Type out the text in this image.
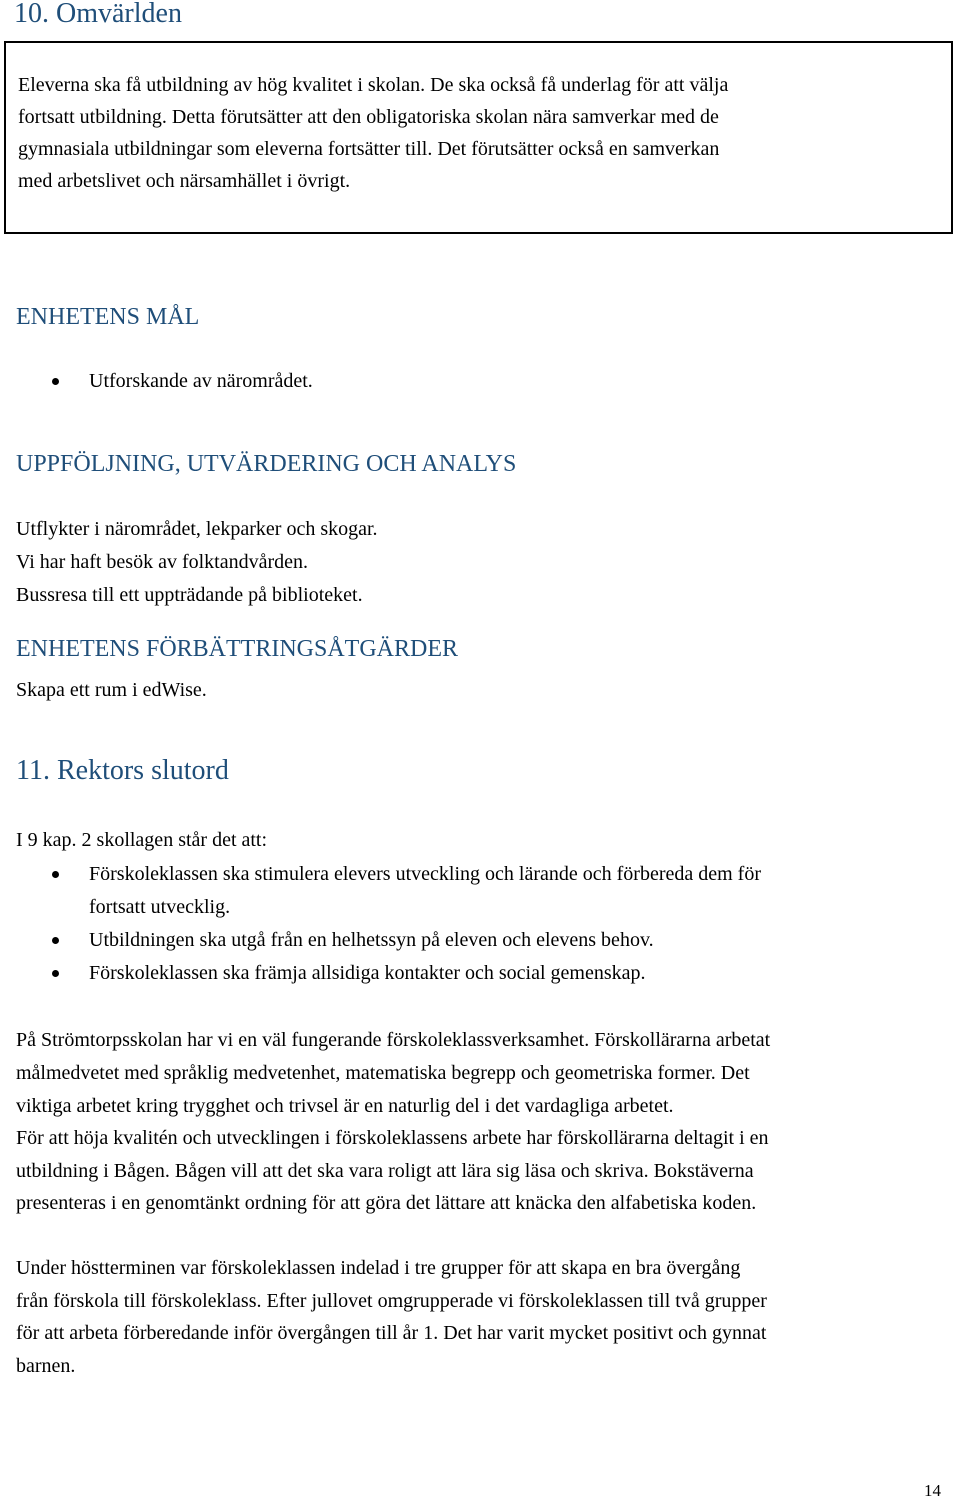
10. Omvärlden
Eleverna ska få utbildning av hög kvalitet i skolan. De ska också få underlag för att välja
fortsatt utbildning. Detta förutsätter att den obligatoriska skolan nära samverkar med de
gymnasiala utbildningar som eleverna fortsätter till. Det förutsätter också en samverkan
med arbetslivet och närsamhället i övrigt.
ENHETENS MÅL
Utforskande av närområdet.
UPPFÖLJNING, UTVÄRDERING OCH ANALYS
Utflykter i närområdet, lekparker och skogar.
Vi har haft besök av folktandvården.
Bussresa till ett uppträdande på biblioteket.
ENHETENS FÖRBÄTTRINGSÅTGÄRDER
Skapa ett rum i edWise.
11. Rektors slutord
I 9 kap. 2 skollagen står det att:
Förskoleklassen ska stimulera elevers utveckling och lärande och förbereda dem för
fortsatt utvecklig.
Utbildningen ska utgå från en helhetssyn på eleven och elevens behov.
Förskoleklassen ska främja allsidiga kontakter och social gemenskap.
På Strömtorpsskolan har vi en väl fungerande förskoleklassverksamhet. Förskollärarna arbetat
målmedvetet med språklig medvetenhet, matematiska begrepp och geometriska former. Det
viktiga arbetet kring trygghet och trivsel är en naturlig del i det vardagliga arbetet.
För att höja kvalitén och utvecklingen i förskoleklassens arbete har förskollärarna deltagit i en
utbildning i Bågen. Bågen vill att det ska vara roligt att lära sig läsa och skriva. Bokstäverna
presenteras i en genomtänkt ordning för att göra det lättare att knäcka den alfabetiska koden.
Under höstterminen var förskoleklassen indelad i tre grupper för att skapa en bra övergång
från förskola till förskoleklass. Efter jullovet omgrupperade vi förskoleklassen till två grupper
för att arbeta förberedande inför övergången till år 1. Det har varit mycket positivt och gynnat
barnen.
14
